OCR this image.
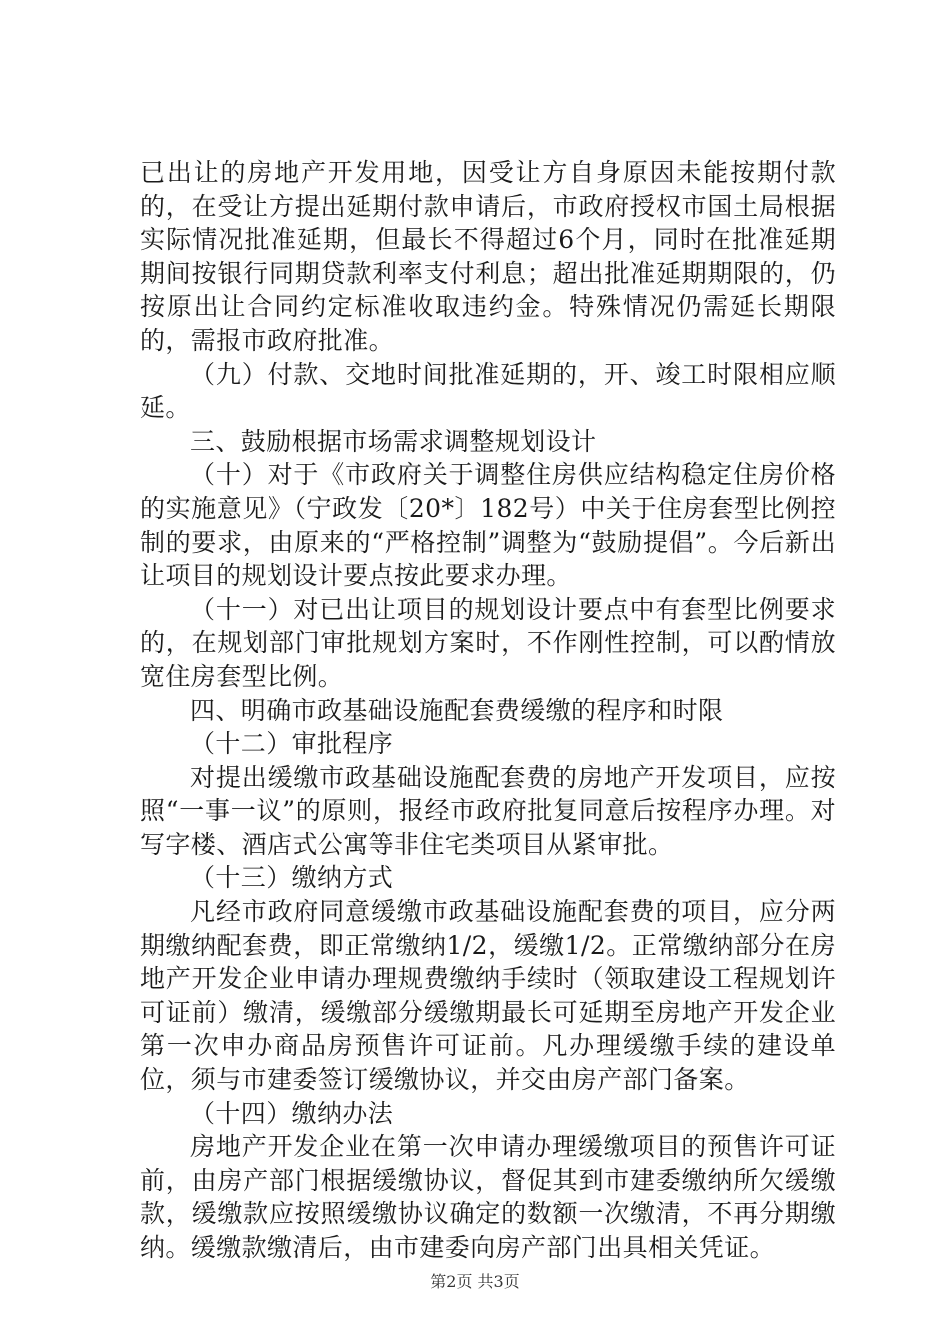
已出让的房地产开发用地，因受让方自身原因未能按期付款的，在受让方提出延期付款申请后，市政府授权市国土局根据实际情况批准延期，但最长不得超过6个月，同时在批准延期期间按银行同期贷款利率支付利息；超出批准延期期限的，仍按原出让合同约定标准收取违约金。特殊情况仍需延长期限的，需报市政府批准。

（九）付款、交地时间批准延期的，开、竣工时限相应顺延。

三、鼓励根据市场需求调整规划设计

（十）对于《市政府关于调整住房供应结构稳定住房价格的实施意见》（宁政发〔20*〕182号）中关于住房套型比例控制的要求，由原来的“严格控制”调整为“鼓励提倡”。今后新出让项目的规划设计要点按此要求办理。

（十一）对已出让项目的规划设计要点中有套型比例要求的，在规划部门审批规划方案时，不作刚性控制，可以酌情放宽住房套型比例。

四、明确市政基础设施配套费缓缴的程序和时限

（十二）审批程序

对提出缓缴市政基础设施配套费的房地产开发项目，应按照“一事一议”的原则，报经市政府批复同意后按程序办理。对写字楼、酒店式公寓等非住宅类项目从紧审批。

（十三）缴纳方式

凡经市政府同意缓缴市政基础设施配套费的项目，应分两期缴纳配套费，即正常缴纳1/2，缓缴1/2。正常缴纳部分在房地产开发企业申请办理规费缴纳手续时（领取建设工程规划许可证前）缴清，缓缴部分缓缴期最长可延期至房地产开发企业第一次申办商品房预售许可证前。凡办理缓缴手续的建设单位，须与市建委签订缓缴协议，并交由房产部门备案。

（十四）缴纳办法

房地产开发企业在第一次申请办理缓缴项目的预售许可证前，由房产部门根据缓缴协议，督促其到市建委缴纳所欠缓缴款，缓缴款应按照缓缴协议确定的数额一次缴清，不再分期缴纳。缓缴款缴清后，由市建委向房产部门出具相关凭证。

第2页 共3页
